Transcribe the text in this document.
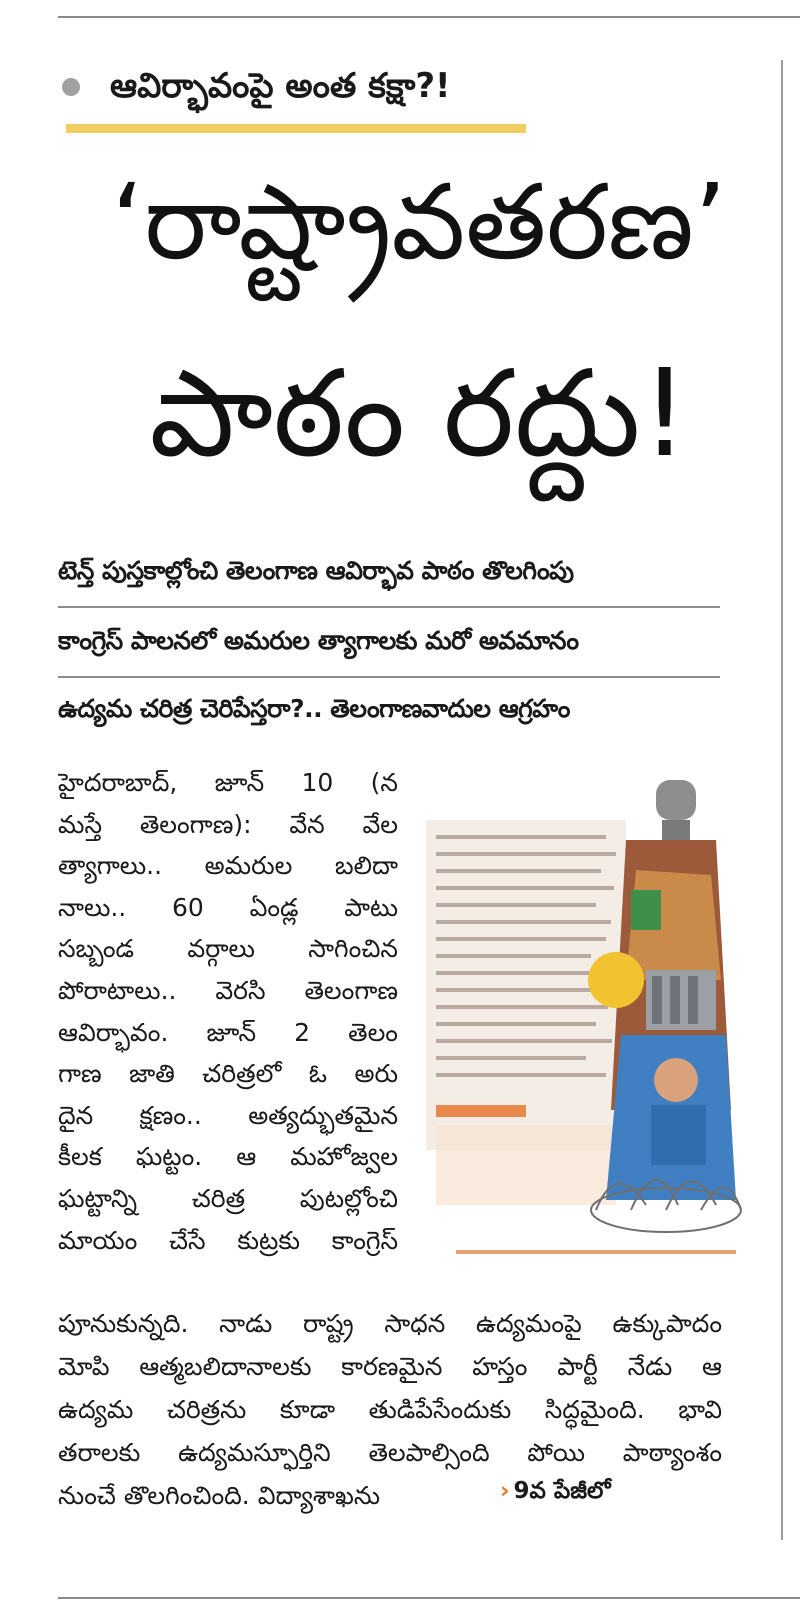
ఆవిర్భావంపై అంత కక్షా?!
‘రాష్ట్రావతరణ’
పాఠం రద్దు!
టెన్త్ పుస్తకాల్లోంచి తెలంగాణ ఆవిర్భావ పాఠం తొలగింపు
కాంగ్రెస్ పాలనలో అమరుల త్యాగాలకు మరో అవమానం
ఉద్యమ చరిత్ర చెరిపేస్తరా?.. తెలంగాణవాదుల ఆగ్రహం
హైదరాబాద్, జూన్ 10 (న
మస్తే తెలంగాణ): వేన వేల
త్యాగాలు.. అమరుల బలిదా
నాలు.. 60 ఏండ్ల పాటు
సబ్బండ వర్గాలు సాగించిన
పోరాటాలు.. వెరసి తెలంగాణ
ఆవిర్భావం. జూన్ 2 తెలం
గాణ జాతి చరిత్రలో ఓ అరు
దైన క్షణం.. అత్యద్భుతమైన
కీలక ఘట్టం. ఆ మహోజ్వల
ఘట్టాన్ని చరిత్ర పుటల్లోంచి
మాయం చేసే కుట్రకు కాంగ్రెస్
పూనుకున్నది. నాడు రాష్ట్ర సాధన ఉద్యమంపై ఉక్కుపాదం
మోపి ఆత్మబలిదానాలకు కారణమైన హస్తం పార్టీ నేడు ఆ
ఉద్యమ చరిత్రను కూడా తుడిపేసేందుకు సిద్ధమైంది. భావి
తరాలకు ఉద్యమస్ఫూర్తిని తెలపాల్సింది పోయి పాఠ్యాంశం
నుంచే తొలగించింది. విద్యాశాఖను	› 9వ పేజీలో
